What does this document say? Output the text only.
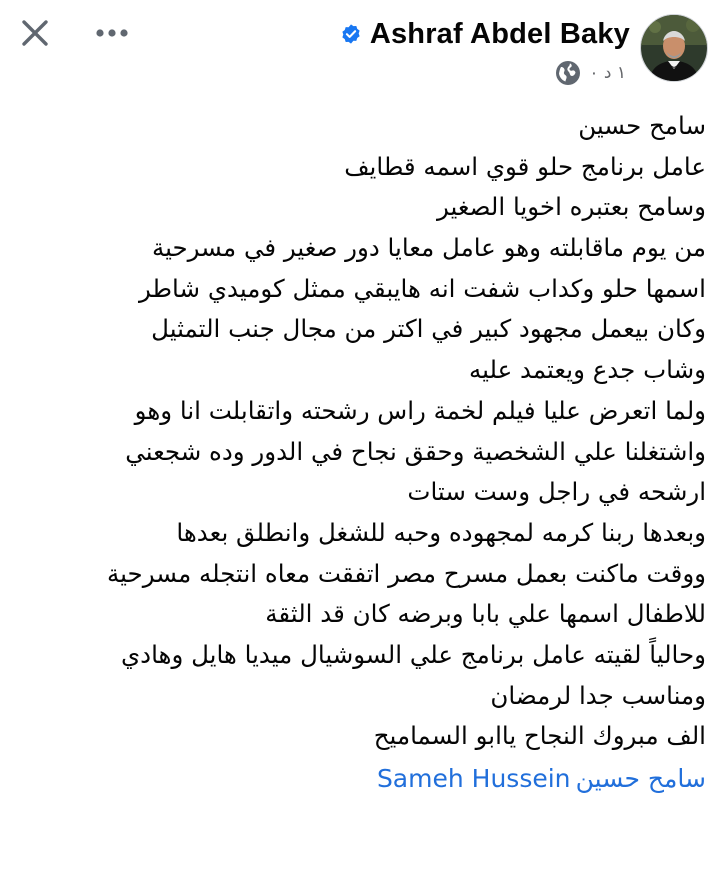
Ashraf Abdel Baky
١ د ٠
سامح حسين
عامل برنامج حلو قوي اسمه قطايف
وسامح بعتبره اخويا الصغير
من يوم ماقابلته وهو عامل معايا دور صغير في مسرحية
اسمها حلو وكداب شفت انه هايبقي ممثل كوميدي شاطر
وكان بيعمل مجهود كبير في اكتر من مجال جنب التمثيل
وشاب جدع ويعتمد عليه
ولما اتعرض عليا فيلم لخمة راس رشحته واتقابلت انا وهو
واشتغلنا علي الشخصية وحقق نجاح في الدور وده شجعني
ارشحه في راجل وست ستات
وبعدها ربنا كرمه لمجهوده وحبه للشغل وانطلق بعدها
ووقت ماكنت بعمل مسرح مصر اتفقت معاه انتجله مسرحية
للاطفال اسمها علي بابا وبرضه كان قد الثقة
وحالياً لقيته عامل برنامج علي السوشيال ميديا هايل وهادي
ومناسب جدا لرمضان
الف مبروك النجاح ياابو السماميح
سامح حسين Sameh Hussein
